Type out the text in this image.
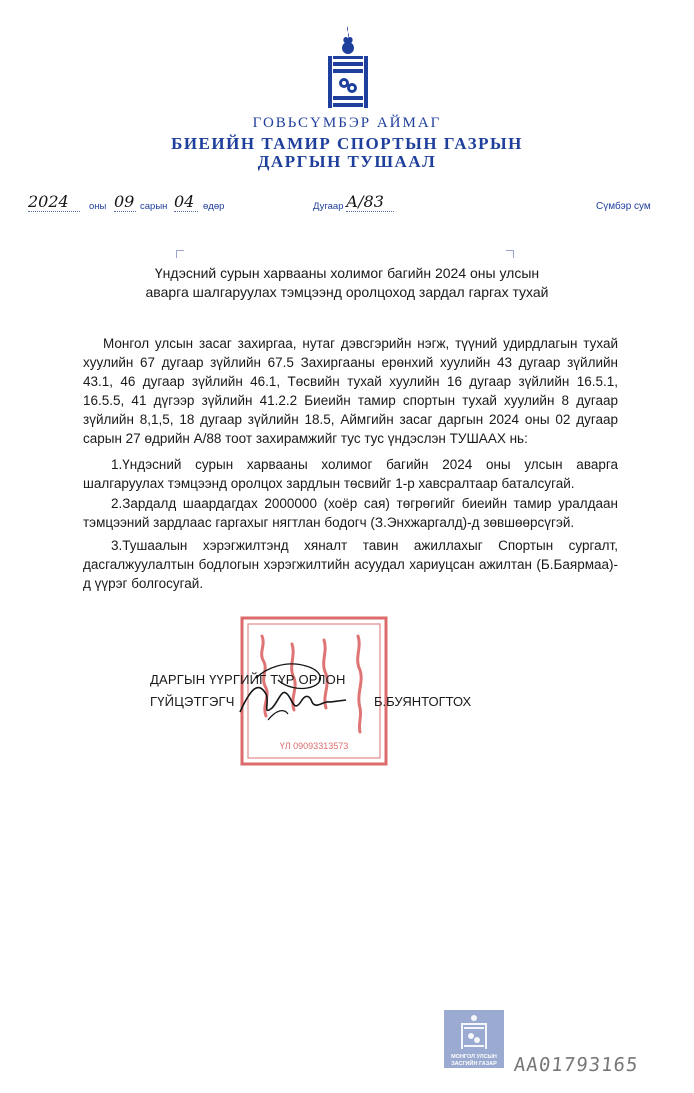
ГОВЬСҮМБЭР АЙМАГ
БИЕИЙН ТАМИР СПОРТЫН ГАЗРЫН
ДАРГЫН ТУШААЛ
2024	оны 09 сарын 04 өдөр	Дугаар А/83	Сүмбэр сум
Үндэсний сурын харвааны холимог багийн 2024 оны улсын
аварга шалгаруулах тэмцээнд оролцоход зардал гаргах тухай
Монгол улсын засаг захиргаа, нутаг дэвсгэрийн нэгж, түүний удирдлагын тухай хуулийн 67 дугаар зүйлийн 67.5 Захиргааны ерөнхий хуулийн 43 дугаар зүйлийн 43.1, 46 дугаар зүйлийн 46.1, Төсвийн тухай хуулийн 16 дугаар зүйлийн 16.5.1, 16.5.5, 41 дүгээр зүйлийн 41.2.2 Биеийн тамир спортын тухай хуулийн 8 дугаар зүйлийн 8,1,5, 18 дугаар зүйлийн 18.5, Аймгийн засаг даргын 2024 оны 02 дугаар сарын 27 өдрийн А/88 тоот захирамжийг тус тус үндэслэн ТУШААХ нь:
1.Үндэсний сурын харвааны холимог багийн 2024 оны улсын аварга шалгаруулах тэмцээнд оролцох зардлын төсвийг 1-р хавсралтаар баталсугай.
2.Зардалд шаардагдах 2000000 (хоёр сая) төгрөгийг биеийн тамир уралдаан тэмцээний зардлаас гаргахыг нягтлан бодогч (З.Энхжаргалд)-д зөвшөөрсүгэй.
3.Тушаалын хэрэгжилтэнд хяналт тавин ажиллахыг Спортын сургалт, дасгалжуулалтын бодлогын хэрэгжилтийн асуудал хариуцсан ажилтан (Б.Баярмаа)-д үүрэг болгосугай.
ҮЛ 09093313573
ДАРГЫН ҮҮРГИЙГ ТҮР ОРЛОН
ГҮЙЦЭТГЭГЧ	Б.БУЯНТОГТОХ
МОНГОЛ УЛСЫН
ЗАСГИЙН ГАЗАР AA01793165
